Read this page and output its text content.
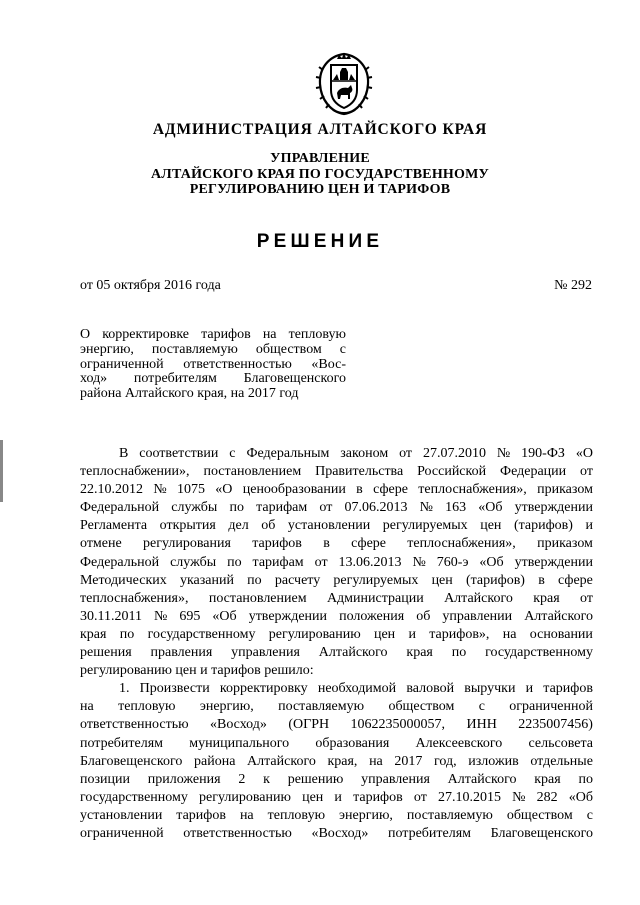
АДМИНИСТРАЦИЯ АЛТАЙСКОГО КРАЯ
УПРАВЛЕНИЕ
АЛТАЙСКОГО КРАЯ ПО ГОСУДАРСТВЕННОМУ
РЕГУЛИРОВАНИЮ ЦЕН И ТАРИФОВ
РЕШЕНИЕ
от 05 октября 2016 года	№ 292
О корректировке тарифов на тепловую
энергию, поставляемую обществом с
ограниченной ответственностью «Вос-
ход» потребителям Благовещенского
района Алтайского края, на 2017 год
В соответствии с Федеральным законом от 27.07.2010 № 190-ФЗ «О
теплоснабжении», постановлением Правительства Российской Федерации от
22.10.2012 № 1075 «О ценообразовании в сфере теплоснабжения», приказом
Федеральной службы по тарифам от 07.06.2013 № 163 «Об утверждении
Регламента открытия дел об установлении регулируемых цен (тарифов) и
отмене регулирования тарифов в сфере теплоснабжения», приказом
Федеральной службы по тарифам от 13.06.2013 № 760-э «Об утверждении
Методических указаний по расчету регулируемых цен (тарифов) в сфере
теплоснабжения», постановлением Администрации Алтайского края от
30.11.2011 № 695 «Об утверждении положения об управлении Алтайского
края по государственному регулированию цен и тарифов», на основании
решения правления управления Алтайского края по государственному
регулированию цен и тарифов решило:
1. Произвести корректировку необходимой валовой выручки и тарифов
на тепловую энергию, поставляемую обществом с ограниченной
ответственностью «Восход» (ОГРН 1062235000057, ИНН 2235007456)
потребителям муниципального образования Алексеевского сельсовета
Благовещенского района Алтайского края, на 2017 год, изложив отдельные
позиции приложения 2 к решению управления Алтайского края по
государственному регулированию цен и тарифов от 27.10.2015 № 282 «Об
установлении тарифов на тепловую энергию, поставляемую обществом с
ограниченной ответственностью «Восход» потребителям Благовещенского
